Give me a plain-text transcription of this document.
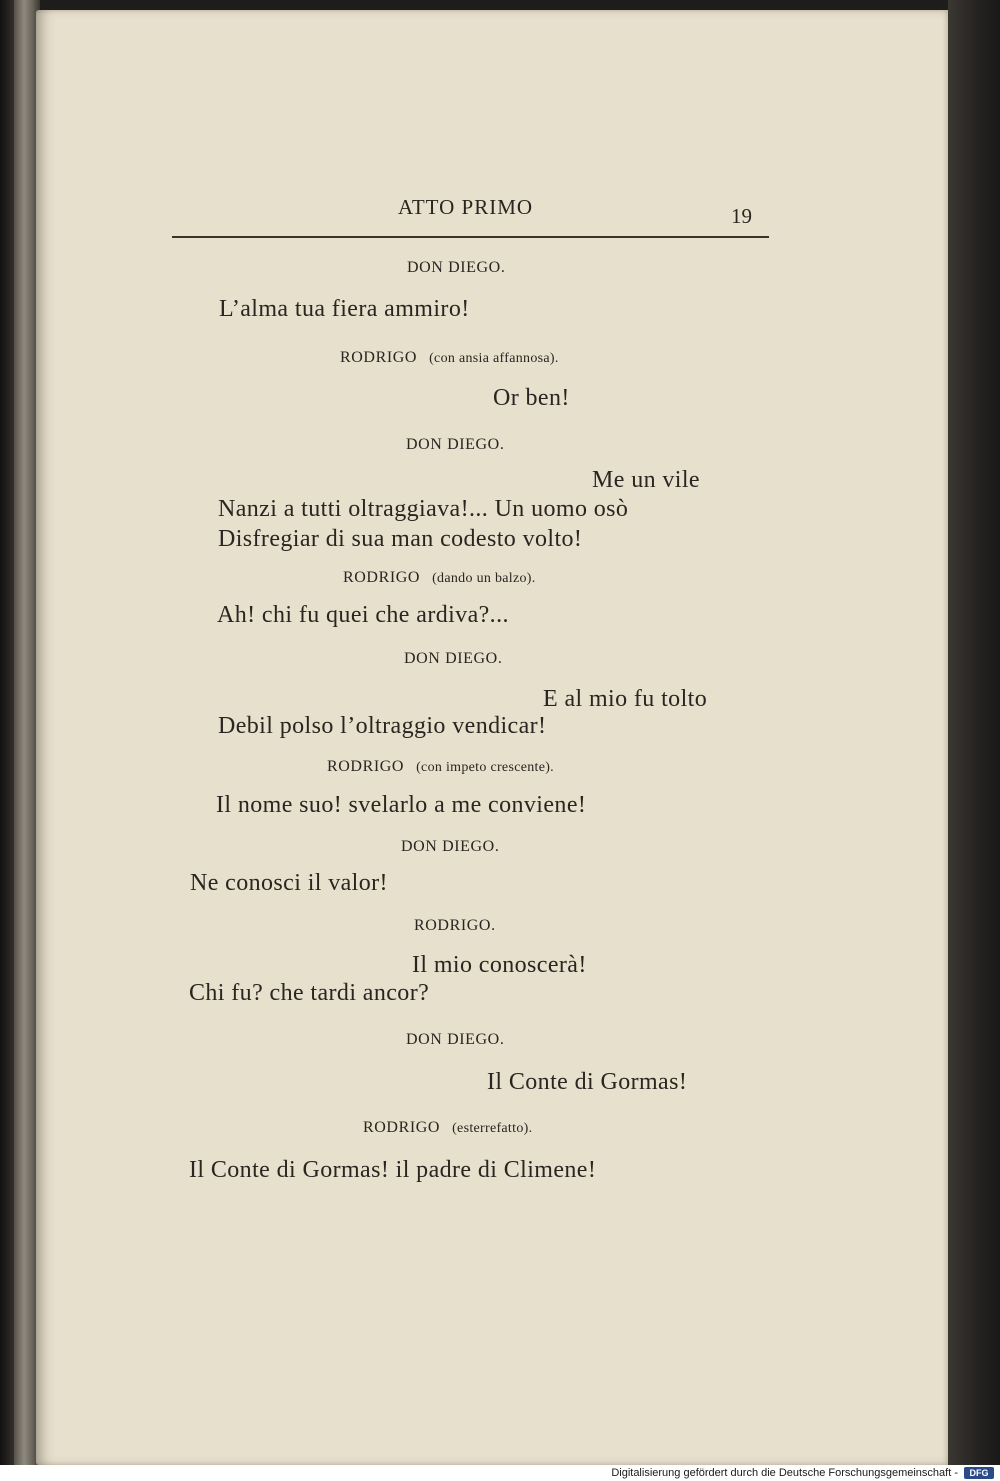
ATTO PRIMO	19
DON DIEGO.
L’alma tua fiera ammiro!
RODRIGO (con ansia affannosa).
Or ben!
DON DIEGO.
Me un vile
Nanzi a tutti oltraggiava!... Un uomo osò
Disfregiar di sua man codesto volto!
RODRIGO (dando un balzo).
Ah! chi fu quei che ardiva?...
DON DIEGO.
E al mio fu tolto
Debil polso l’oltraggio vendicar!
RODRIGO (con impeto crescente).
Il nome suo! svelarlo a me conviene!
DON DIEGO.
Ne conosci il valor!
RODRIGO.
Il mio conoscerà!
Chi fu? che tardi ancor?
DON DIEGO.
Il Conte di Gormas!
RODRIGO (esterrefatto).
Il Conte di Gormas! il padre di Climene!
Digitalisierung gefördert durch die Deutsche Forschungsgemeinschaft -	DFG
